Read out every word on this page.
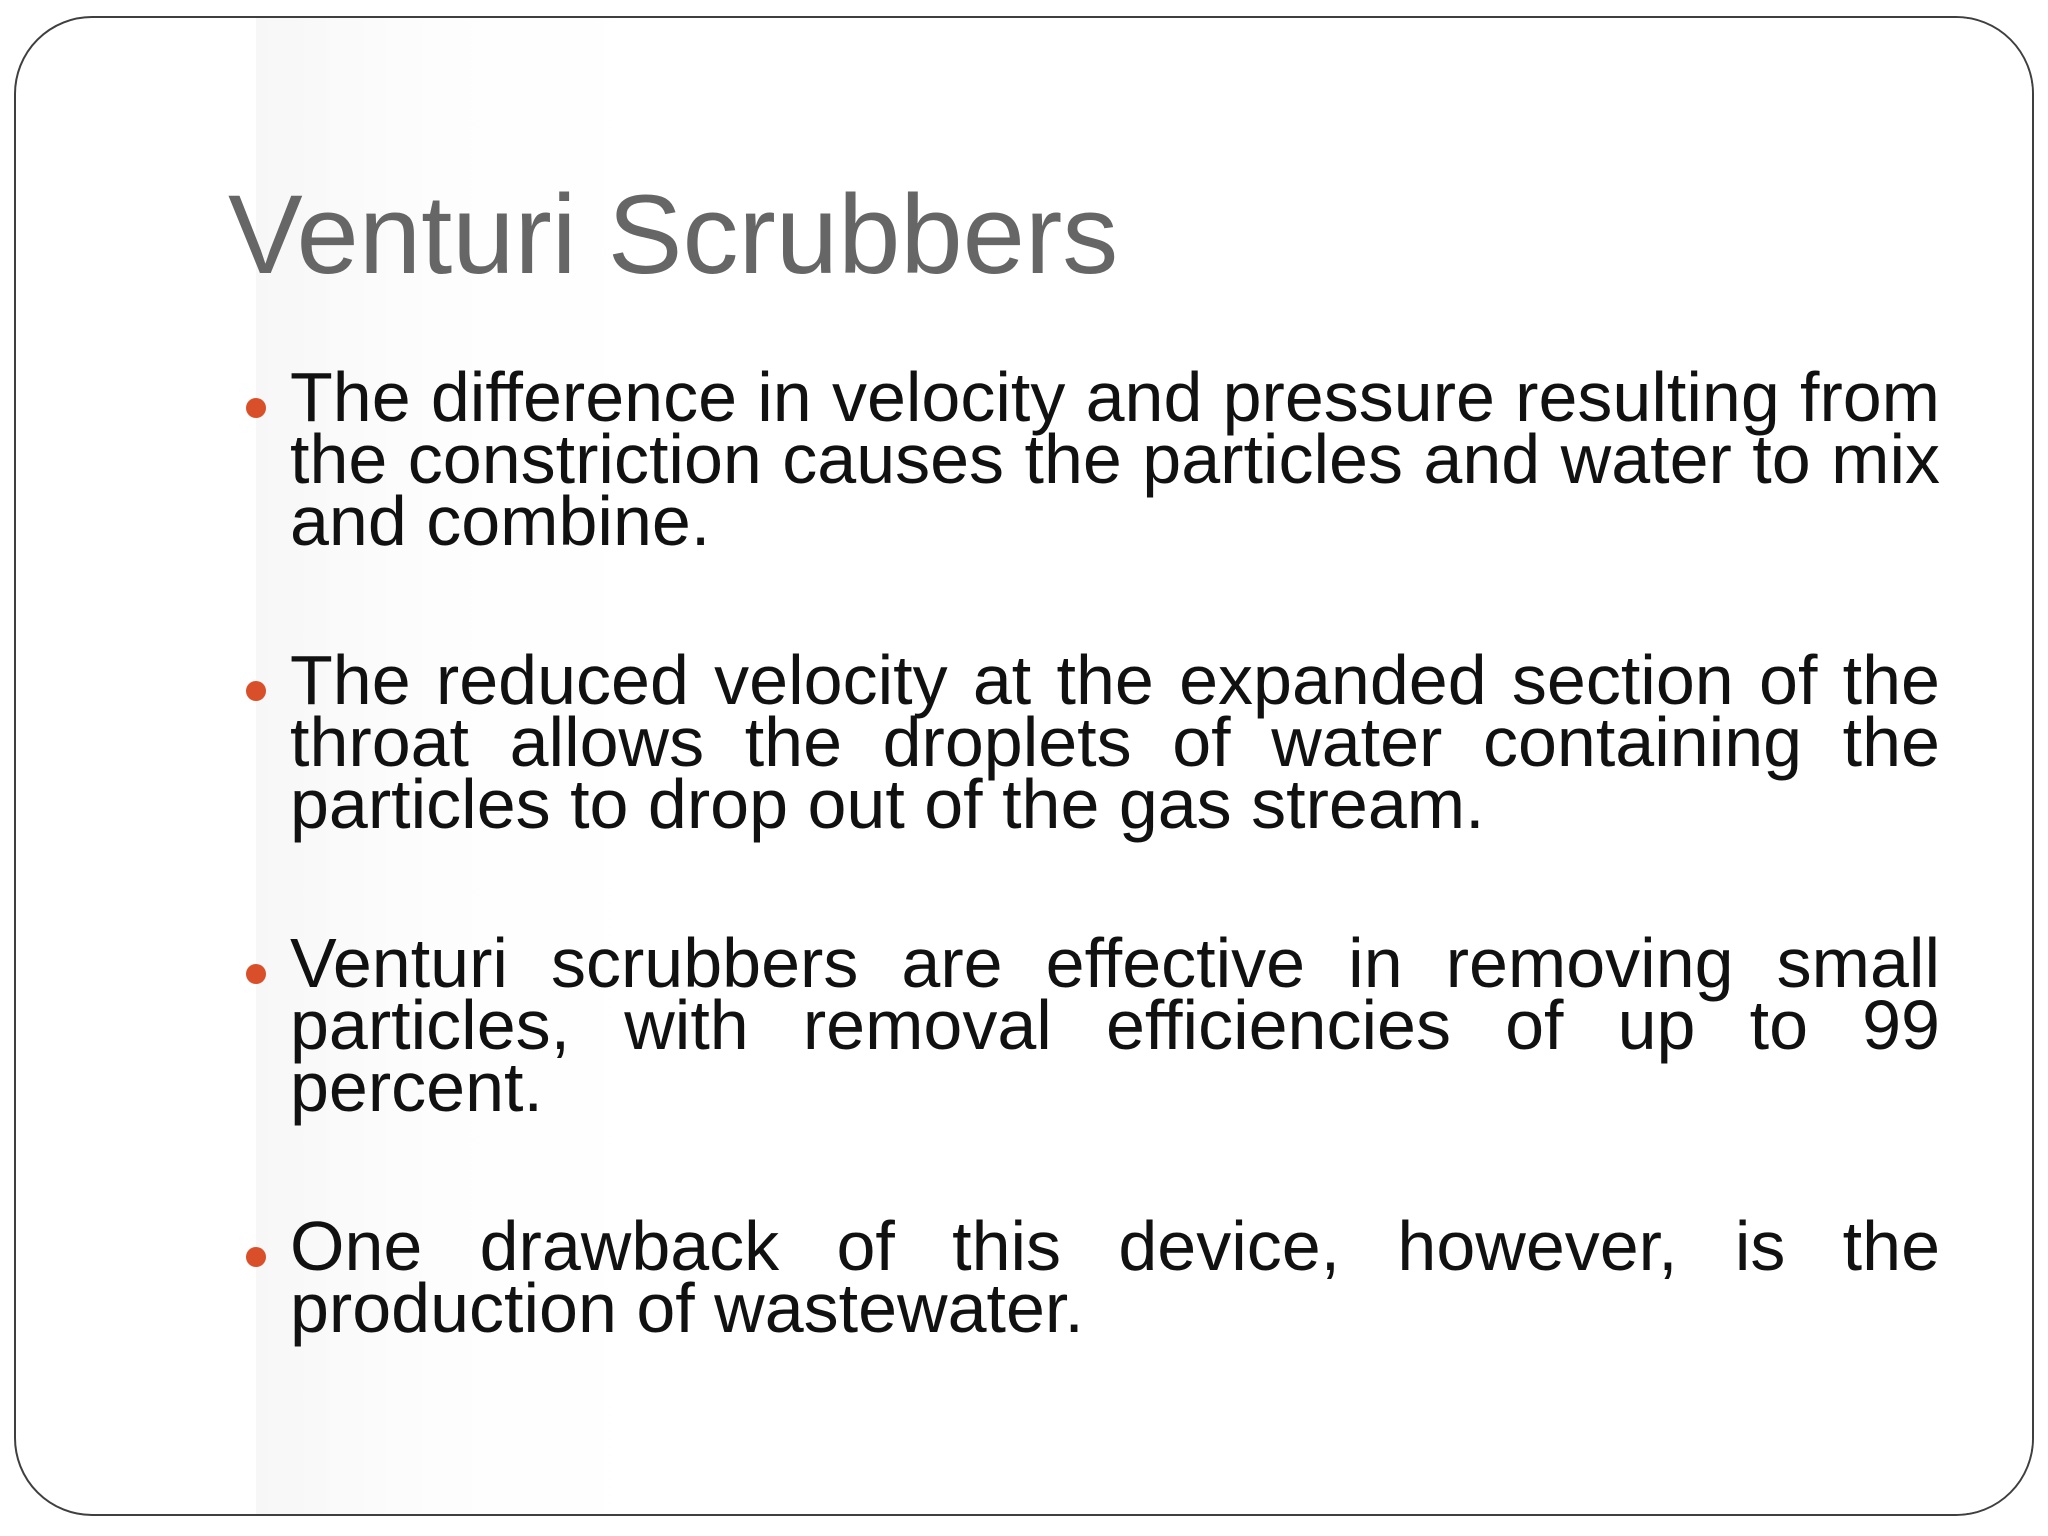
Venturi Scrubbers
The difference in velocity and pressure resulting from the constriction causes the particles and water to mix and combine.
The reduced velocity at the expanded section of the throat allows the droplets of water containing the particles to drop out of the gas stream.
Venturi scrubbers are effective in removing small particles, with removal efficiencies of up to 99 percent.
One drawback of this device, however, is the production of wastewater.
